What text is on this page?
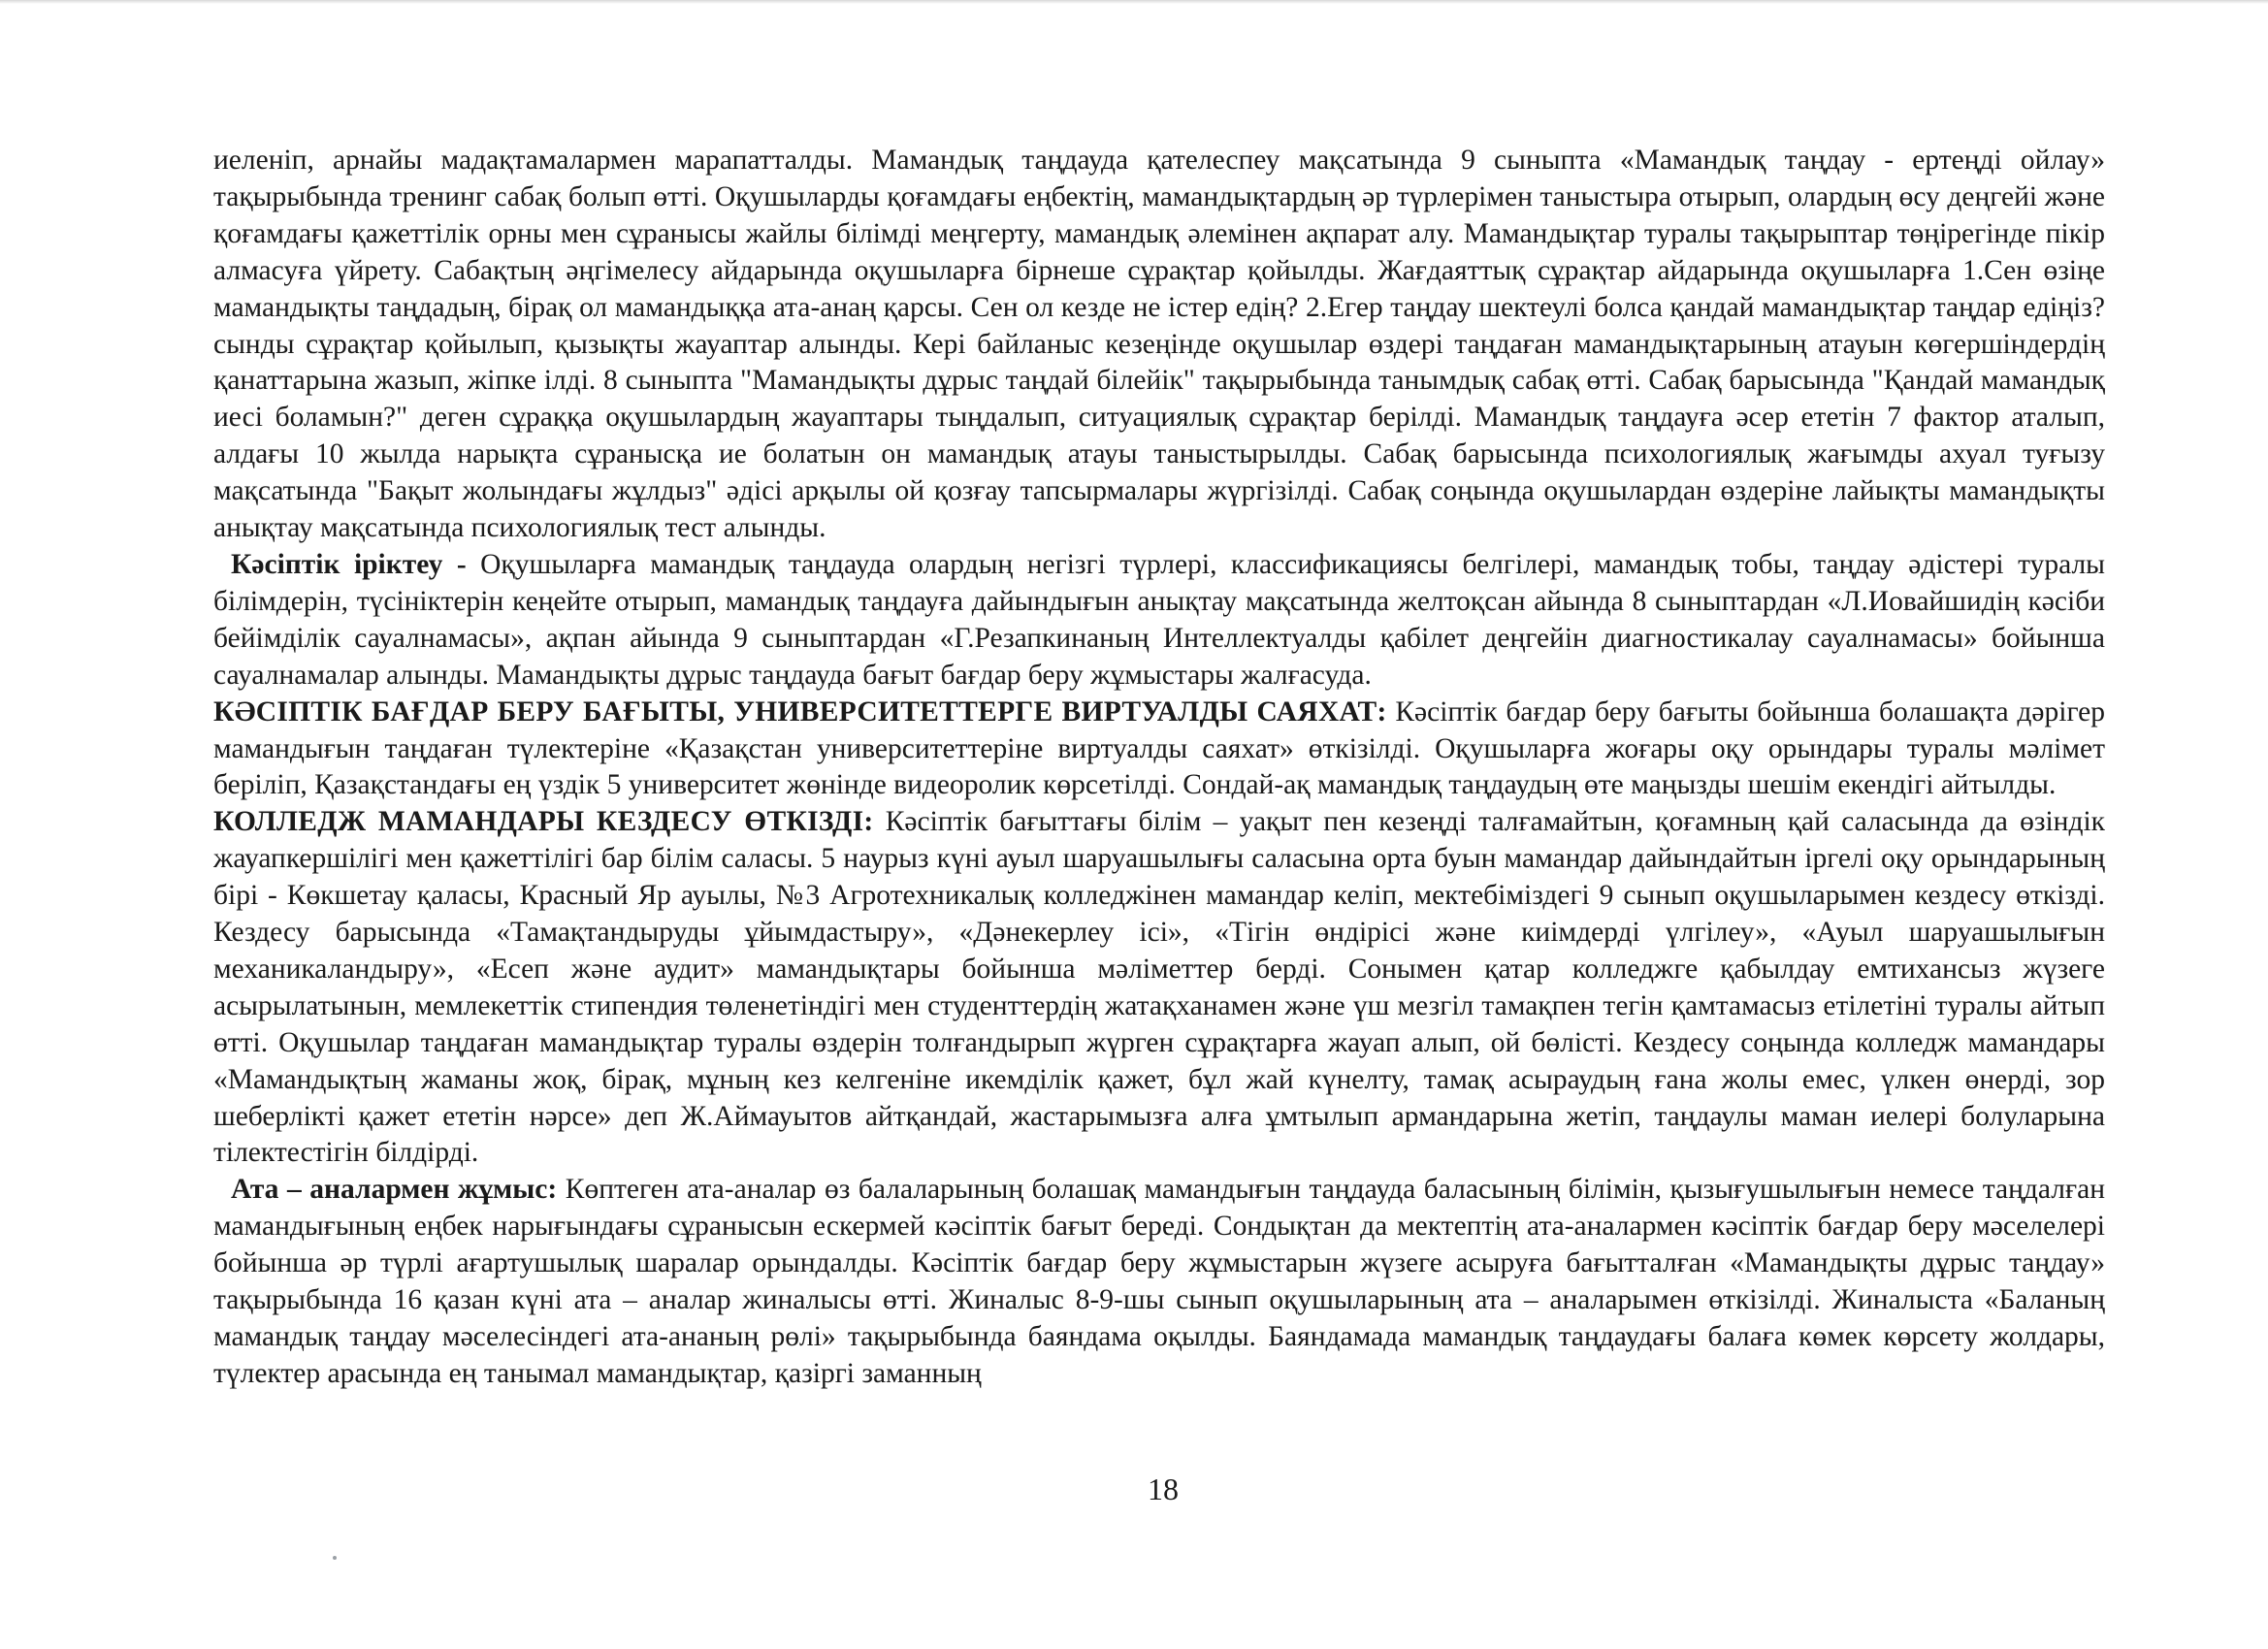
иеленіп, арнайы мадақтамалармен марапатталды. Мамандық таңдауда қателеспеу мақсатында 9 сыныпта «Мамандық таңдау - ертеңді ойлау» тақырыбында тренинг сабақ болып өтті. Оқушыларды қоғамдағы еңбектің, мамандықтардың әр түрлерімен таныстыра отырып, олардың өсу деңгейі және қоғамдағы қажеттілік орны мен сұранысы жайлы білімді меңгерту, мамандық әлемінен ақпарат алу. Мамандықтар туралы тақырыптар төңірегінде пікір алмасуға үйрету. Сабақтың әңгімелесу айдарында оқушыларға бірнеше сұрақтар қойылды. Жағдаяттық сұрақтар айдарында оқушыларға 1.Сен өзіңе мамандықты таңдадың, бірақ ол мамандыққа ата-анаң қарсы. Сен ол кезде не істер едің? 2.Егер таңдау шектеулі болса қандай мамандықтар таңдар едіңіз? сынды сұрақтар қойылып, қызықты жауаптар алынды. Кері байланыс кезеңінде оқушылар өздері таңдаған мамандықтарының атауын көгершіндердің қанаттарына жазып, жіпке ілді. 8 сыныпта "Мамандықты дұрыс таңдай білейік" тақырыбында танымдық сабақ өтті. Сабақ барысында "Қандай мамандық иесі боламын?" деген сұраққа оқушылардың жауаптары тыңдалып, ситуациялық сұрақтар берілді. Мамандық таңдауға әсер ететін 7 фактор аталып, алдағы 10 жылда нарықта сұранысқа ие болатын он мамандық атауы таныстырылды. Сабақ барысында психологиялық жағымды ахуал туғызу мақсатында "Бақыт жолындағы жұлдыз" әдісі арқылы ой қозғау тапсырмалары жүргізілді. Сабақ соңында оқушылардан өздеріне лайықты мамандықты анықтау мақсатында психологиялық тест алынды.

Кәсіптік іріктеу - Оқушыларға мамандық таңдауда олардың негізгі түрлері, классификациясы белгілері, мамандық тобы, таңдау әдістері туралы білімдерін, түсініктерін кеңейте отырып, мамандық таңдауға дайындығын анықтау мақсатында желтоқсан айында 8 сыныптардан «Л.Иовайшидің кәсіби бейімділік сауалнамасы», ақпан айында 9 сыныптардан «Г.Резапкинаның Интеллектуалды қабілет деңгейін диагностикалау сауалнамасы» бойынша сауалнамалар алынды. Мамандықты дұрыс таңдауда бағыт бағдар беру жұмыстары жалғасуда.

КӘСІПТІК БАҒДАР БЕРУ БАҒЫТЫ, УНИВЕРСИТЕТТЕРГЕ ВИРТУАЛДЫ САЯХАТ: Кәсіптік бағдар беру бағыты бойынша болашақта дәрігер мамандығын таңдаған түлектеріне «Қазақстан университеттеріне виртуалды саяхат» өткізілді. Оқушыларға жоғары оқу орындары туралы мәлімет беріліп, Қазақстандағы ең үздік 5 университет жөнінде видеоролик көрсетілді. Сондай-ақ мамандық таңдаудың өте маңызды шешім екендігі айтылды.

КОЛЛЕДЖ МАМАНДАРЫ КЕЗДЕСУ ӨТКІЗДІ: Кәсіптік бағыттағы білім – уақыт пен кезеңді талғамайтын, қоғамның қай саласында да өзіндік жауапкершілігі мен қажеттілігі бар білім саласы. 5 наурыз күні ауыл шаруашылығы саласына орта буын мамандар дайындайтын іргелі оқу орындарының бірі - Көкшетау қаласы, Красный Яр ауылы, №3 Агротехникалық колледжінен мамандар келіп, мектебіміздегі 9 сынып оқушыларымен кездесу өткізді. Кездесу барысында «Тамақтандыруды ұйымдастыру», «Дәнекерлеу ісі», «Тігін өндірісі және киімдерді үлгілеу», «Ауыл шаруашылығын механикаландыру», «Есеп және аудит» мамандықтары бойынша мәліметтер берді. Сонымен қатар колледжге қабылдау емтихансыз жүзеге асырылатынын, мемлекеттік стипендия төленетіндігі мен студенттердің жатақханамен және үш мезгіл тамақпен тегін қамтамасыз етілетіні туралы айтып өтті. Оқушылар таңдаған мамандықтар туралы өздерін толғандырып жүрген сұрақтарға жауап алып, ой бөлісті. Кездесу соңында колледж мамандары «Мамандықтың жаманы жоқ, бірақ, мұның кез келгеніне икемділік қажет, бұл жай күнелту, тамақ асыраудың ғана жолы емес, үлкен өнерді, зор шеберлікті қажет ететін нәрсе» деп Ж.Аймауытов айтқандай, жастарымызға алға ұмтылып армандарына жетіп, таңдаулы маман иелері болуларына тілектестігін білдірді.

Ата – аналармен жұмыс: Көптеген ата-аналар өз балаларының болашақ мамандығын таңдауда баласының білімін, қызығушылығын немесе таңдалған мамандығының еңбек нарығындағы сұранысын ескермей кәсіптік бағыт береді. Сондықтан да мектептің ата-аналармен кәсіптік бағдар беру мәселелері бойынша әр түрлі ағартушылық шаралар орындалды. Кәсіптік бағдар беру жұмыстарын жүзеге асыруға бағытталған «Мамандықты дұрыс таңдау» тақырыбында 16 қазан күні ата – аналар жиналысы өтті. Жиналыс 8-9-шы сынып оқушыларының ата – аналарымен өткізілді. Жиналыста «Баланың мамандық таңдау мәселесіндегі ата-ананың рөлі» тақырыбында баяндама оқылды. Баяндамада мамандық таңдаудағы балаға көмек көрсету жолдары, түлектер арасында ең танымал мамандықтар, қазіргі заманның

18
